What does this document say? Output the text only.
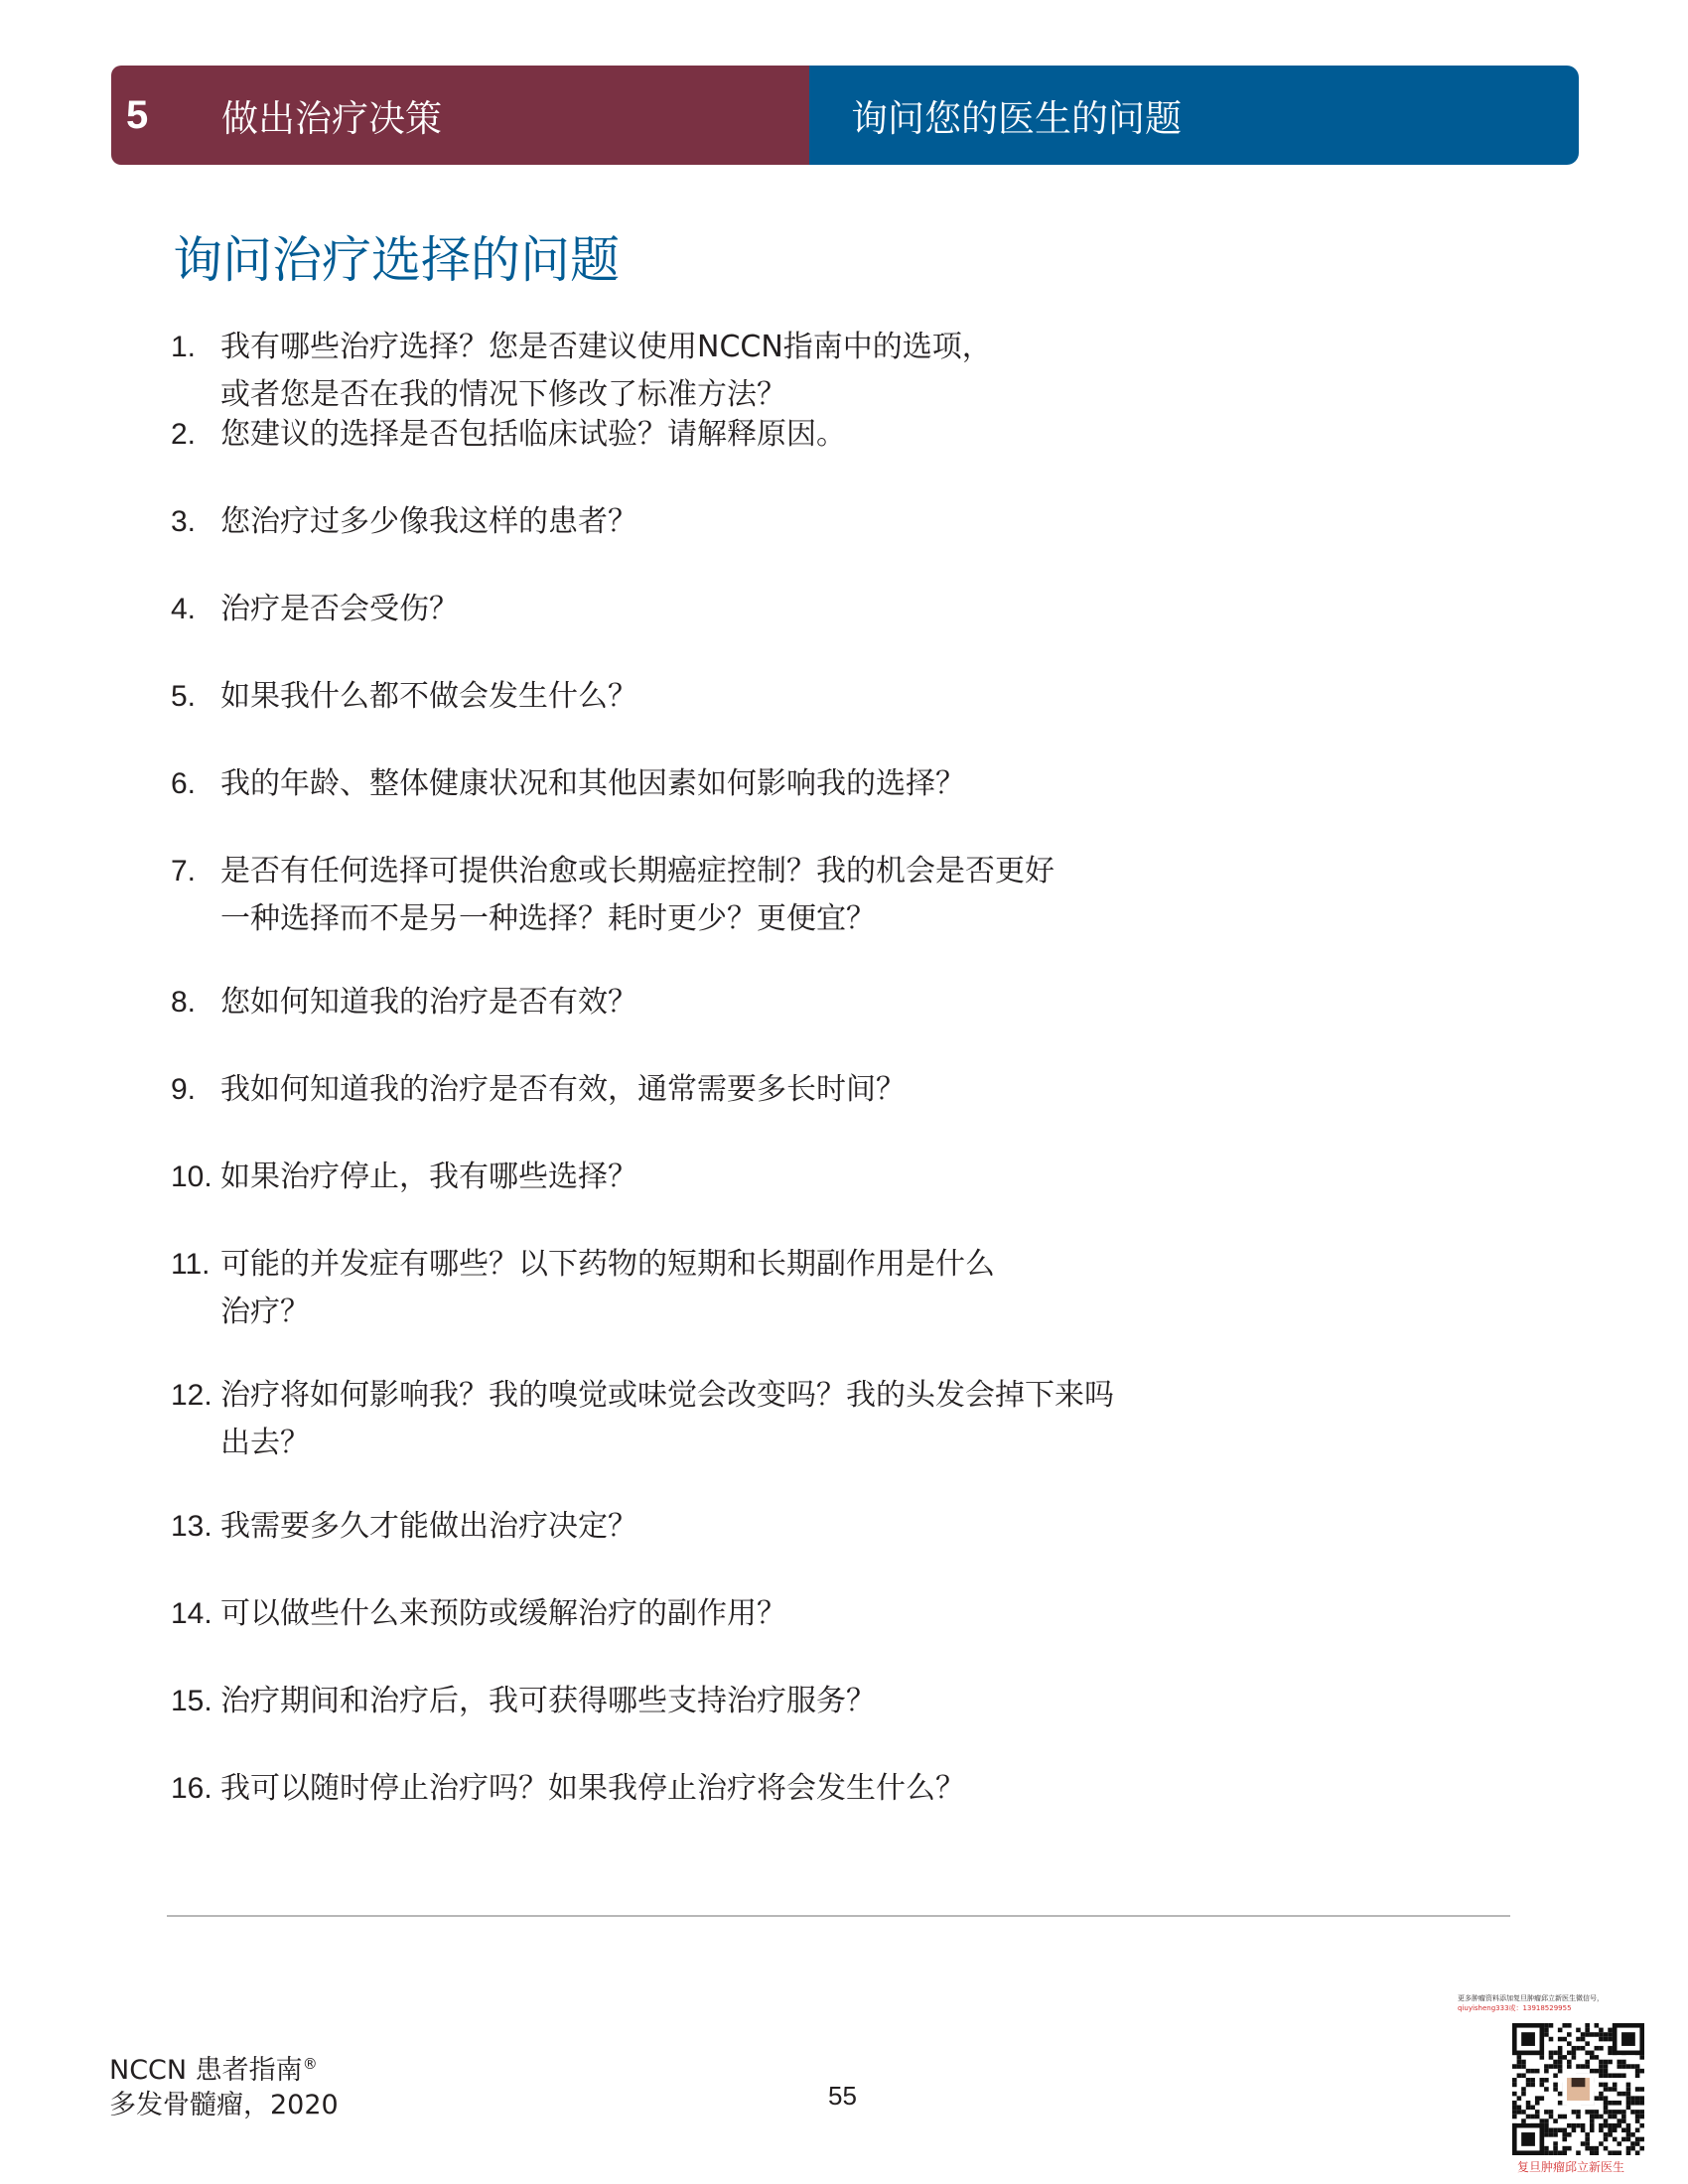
5	做出治疗决策	询问您的医生的问题
询问治疗选择的问题
1. 我有哪些治疗选择？您是否建议使用NCCN指南中的选项，
或者您是否在我的情况下修改了标准方法？
2. 您建议的选择是否包括临床试验？请解释原因。
3. 您治疗过多少像我这样的患者？
4. 治疗是否会受伤？
5. 如果我什么都不做会发生什么？
6. 我的年龄、整体健康状况和其他因素如何影响我的选择？
7. 是否有任何选择可提供治愈或长期癌症控制？我的机会是否更好
一种选择而不是另一种选择？耗时更少？更便宜？
8. 您如何知道我的治疗是否有效？
9. 我如何知道我的治疗是否有效，通常需要多长时间？
10. 如果治疗停止，我有哪些选择？
11. 可能的并发症有哪些？以下药物的短期和长期副作用是什么
治疗？
12. 治疗将如何影响我？我的嗅觉或味觉会改变吗？我的头发会掉下来吗
出去？
13. 我需要多久才能做出治疗决定？
14. 可以做些什么来预防或缓解治疗的副作用？
15. 治疗期间和治疗后，我可获得哪些支持治疗服务？
16. 我可以随时停止治疗吗？如果我停止治疗将会发生什么？
NCCN 患者指南®
多发骨髓瘤，2020	55
更多肿瘤资料添加复旦肿瘤邱立新医生微信号，
qiuyisheng333或：13918529955
复旦肿瘤邱立新医生
